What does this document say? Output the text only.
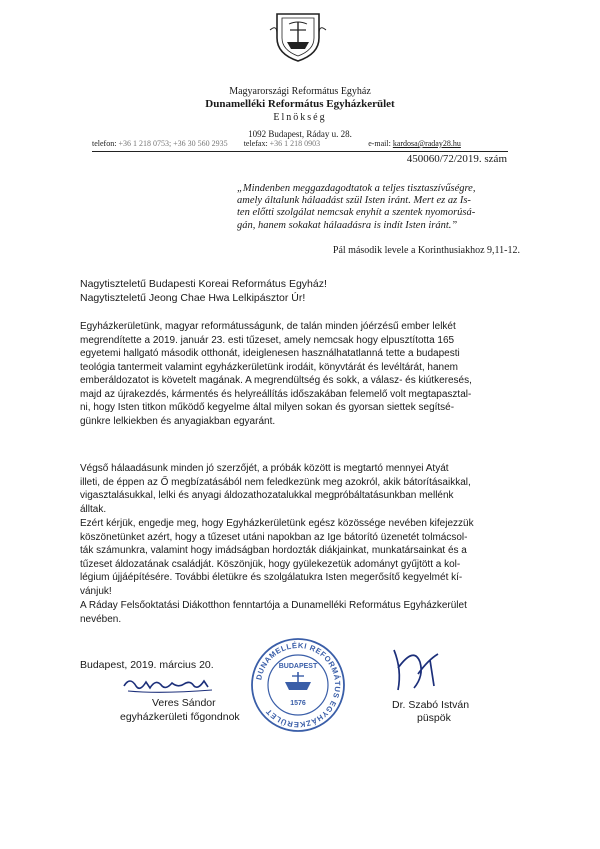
Magyarországi Református Egyház
Dunamelléki Református Egyházkerület
Elnökség
1092 Budapest, Ráday u. 28.
telefon: +36 1 218 0753; +36 30 560 2935 telefax: +36 1 218 0903	e-mail: kardosa@raday28.hu
450060/72/2019. szám
„Mindenben meggazdagodtatok a teljes tisztaszívűségre,
amely általunk hálaadást szül Isten iránt. Mert ez az Is-
ten előtti szolgálat nemcsak enyhít a szentek nyomorúsá-
gán, hanem sokakat hálaadásra is indít Isten iránt.”
Pál második levele a Korinthusiakhoz 9,11-12.
Nagytiszteletű Budapesti Koreai Református Egyház!
Nagytiszteletű Jeong Chae Hwa Lelkipásztor Úr!
Egyházkerületünk, magyar reformátusságunk, de talán minden jóérzésű ember lelkét
megrendítette a 2019. január 23. esti tűzeset, amely nemcsak hogy elpusztította 165
egyetemi hallgató második otthonát, ideiglenesen használhatatlanná tette a budapesti
teológia tantermeit valamint egyházkerületünk irodáit, könyvtárát és levéltárát, hanem
emberáldozatot is követelt magának. A megrendültség és sokk, a válasz- és kiútkeresés,
majd az újrakezdés, kármentés és helyreállítás időszakában felemelő volt megtapasztal-
ni, hogy Isten titkon működő kegyelme által milyen sokan és gyorsan siettek segítsé-
günkre lelkiekben és anyagiakban egyaránt.
Végső hálaadásunk minden jó szerzőjét, a próbák között is megtartó mennyei Atyát
illeti, de éppen az Ő megbízatásából nem feledkezünk meg azokról, akik bátorításaikkal,
vigasztalásukkal, lelki és anyagi áldozathozatalukkal megpróbáltatásunkban mellénk
álltak.
Ezért kérjük, engedje meg, hogy Egyházkerületünk egész közössége nevében kifejezzük
köszönetünket azért, hogy a tűzeset utáni napokban az Ige bátorító üzenetét tolmácsol-
ták számunkra, valamint hogy imádságban hordozták diákjainkat, munkatársainkat és a
tűzeset áldozatának családját. Köszönjük, hogy gyülekezetük adományt gyűjtött a kol-
légium újjáépítésére. További életükre és szolgálatukra Isten megerősítő kegyelmét kí-
vánjuk!
A Ráday Felsőoktatási Diákotthon fenntartója a Dunamelléki Református Egyházkerület
nevében.
Budapest, 2019. március 20.
Veres Sándor
egyházkerületi főgondnok
DUNAMELLÉKI REFORMÁTUS EGYHÁZKERÜLET
BUDAPEST
1576	Dr. Szabó István
püspök
